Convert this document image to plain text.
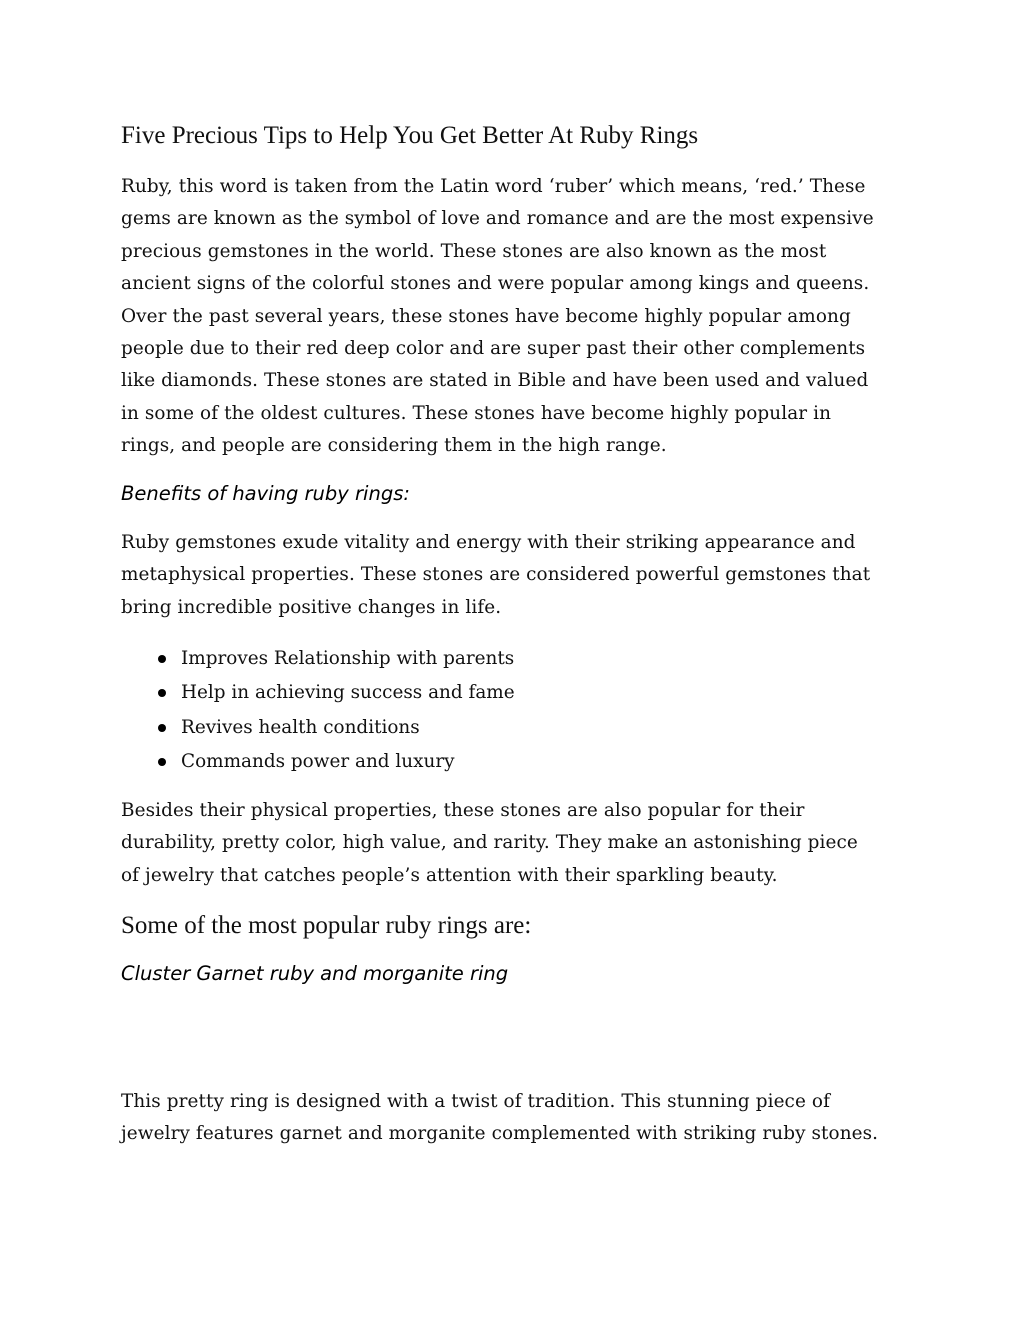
Five Precious Tips to Help You Get Better At Ruby Rings

Ruby, this word is taken from the Latin word ‘ruber’ which means, ‘red.’ These
gems are known as the symbol of love and romance and are the most expensive
precious gemstones in the world. These stones are also known as the most
ancient signs of the colorful stones and were popular among kings and queens.
Over the past several years, these stones have become highly popular among
people due to their red deep color and are super past their other complements
like diamonds. These stones are stated in Bible and have been used and valued
in some of the oldest cultures. These stones have become highly popular in
rings, and people are considering them in the high range.

Benefits of having ruby rings:

Ruby gemstones exude vitality and energy with their striking appearance and
metaphysical properties. These stones are considered powerful gemstones that
bring incredible positive changes in life.

Improves Relationship with parents
Help in achieving success and fame
Revives health conditions
Commands power and luxury

Besides their physical properties, these stones are also popular for their
durability, pretty color, high value, and rarity. They make an astonishing piece
of jewelry that catches people’s attention with their sparkling beauty.

Some of the most popular ruby rings are:
Cluster Garnet ruby and morganite ring

This pretty ring is designed with a twist of tradition. This stunning piece of
jewelry features garnet and morganite complemented with striking ruby stones.
